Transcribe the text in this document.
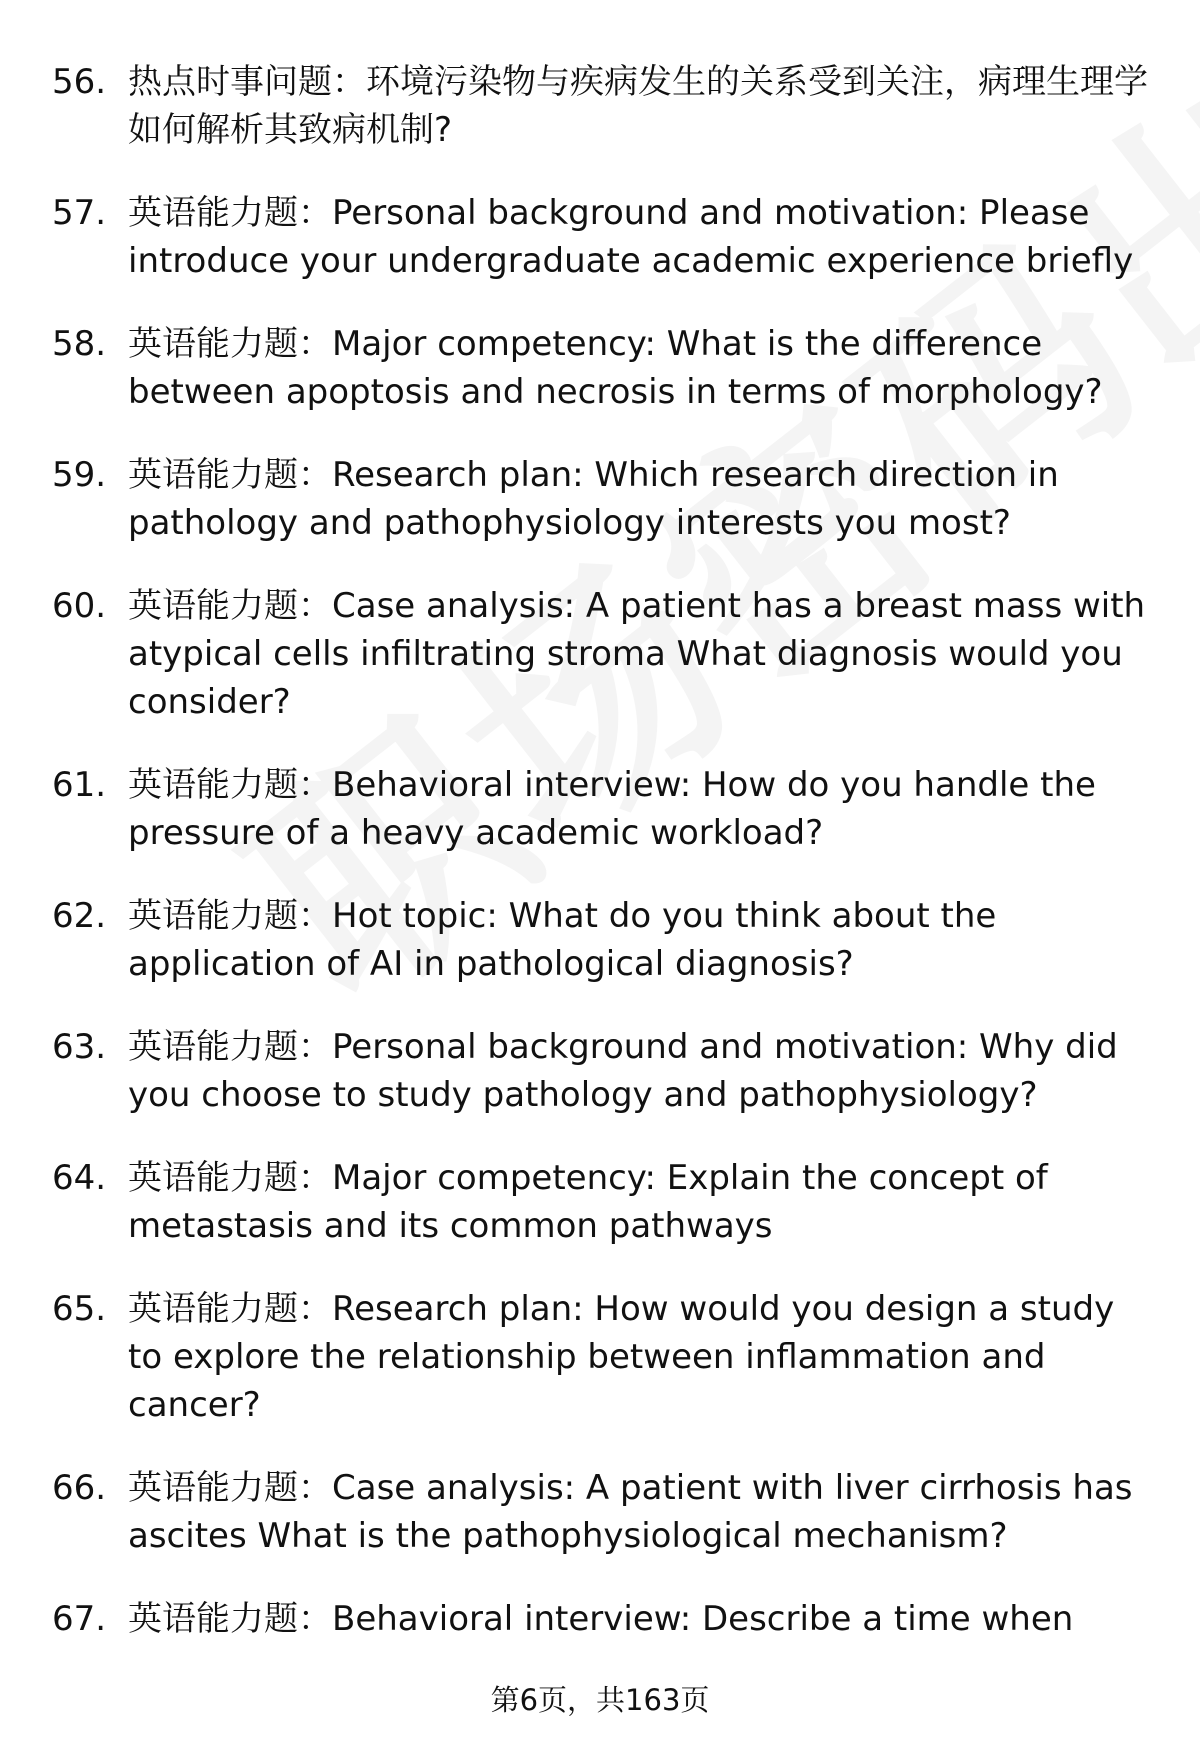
56. 热点时事问题：环境污染物与疾病发生的关系受到关注，病理生理学如何解析其致病机制?
57. 英语能力题：Personal background and motivation: Please introduce your undergraduate academic experience briefly
58. 英语能力题：Major competency: What is the difference between apoptosis and necrosis in terms of morphology?
59. 英语能力题：Research plan: Which research direction in pathology and pathophysiology interests you most?
60. 英语能力题：Case analysis: A patient has a breast mass with atypical cells infiltrating stroma What diagnosis would you consider?
61. 英语能力题：Behavioral interview: How do you handle the pressure of a heavy academic workload?
62. 英语能力题：Hot topic: What do you think about the application of AI in pathological diagnosis?
63. 英语能力题：Personal background and motivation: Why did you choose to study pathology and pathophysiology?
64. 英语能力题：Major competency: Explain the concept of metastasis and its common pathways
65. 英语能力题：Research plan: How would you design a study to explore the relationship between inflammation and cancer?
66. 英语能力题：Case analysis: A patient with liver cirrhosis has ascites What is the pathophysiological mechanism?
67. 英语能力题：Behavioral interview: Describe a time when
第6页，共163页
